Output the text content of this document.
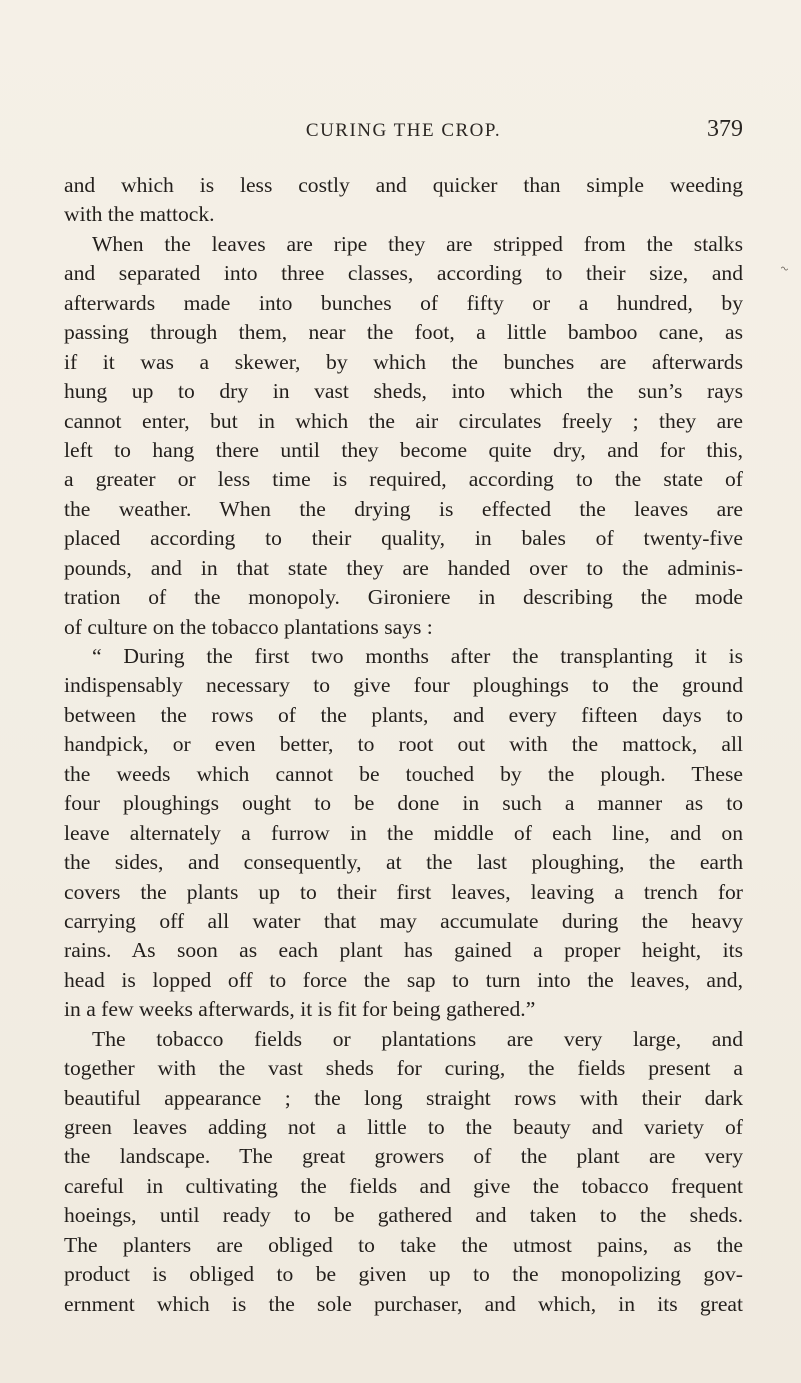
CURING THE CROP.	379
~
and which is less costly and quicker than simple weeding
with the mattock.
When the leaves are ripe they are stripped from the stalks
and separated into three classes, according to their size, and
afterwards made into bunches of fifty or a hundred, by
passing through them, near the foot, a little bamboo cane, as
if it was a skewer, by which the bunches are afterwards
hung up to dry in vast sheds, into which the sun’s rays
cannot enter, but in which the air circulates freely ; they are
left to hang there until they become quite dry, and for this,
a greater or less time is required, according to the state of
the weather. When the drying is effected the leaves are
placed according to their quality, in bales of twenty-five
pounds, and in that state they are handed over to the adminis-
tration of the monopoly. Gironiere in describing the mode
of culture on the tobacco plantations says :
“ During the first two months after the transplanting it is
indispensably necessary to give four ploughings to the ground
between the rows of the plants, and every fifteen days to
handpick, or even better, to root out with the mattock, all
the weeds which cannot be touched by the plough. These
four ploughings ought to be done in such a manner as to
leave alternately a furrow in the middle of each line, and on
the sides, and consequently, at the last ploughing, the earth
covers the plants up to their first leaves, leaving a trench for
carrying off all water that may accumulate during the heavy
rains. As soon as each plant has gained a proper height, its
head is lopped off to force the sap to turn into the leaves, and,
in a few weeks afterwards, it is fit for being gathered.”
The tobacco fields or plantations are very large, and
together with the vast sheds for curing, the fields present a
beautiful appearance ; the long straight rows with their dark
green leaves adding not a little to the beauty and variety of
the landscape. The great growers of the plant are very
careful in cultivating the fields and give the tobacco frequent
hoeings, until ready to be gathered and taken to the sheds.
The planters are obliged to take the utmost pains, as the
product is obliged to be given up to the monopolizing gov-
ernment which is the sole purchaser, and which, in its great
